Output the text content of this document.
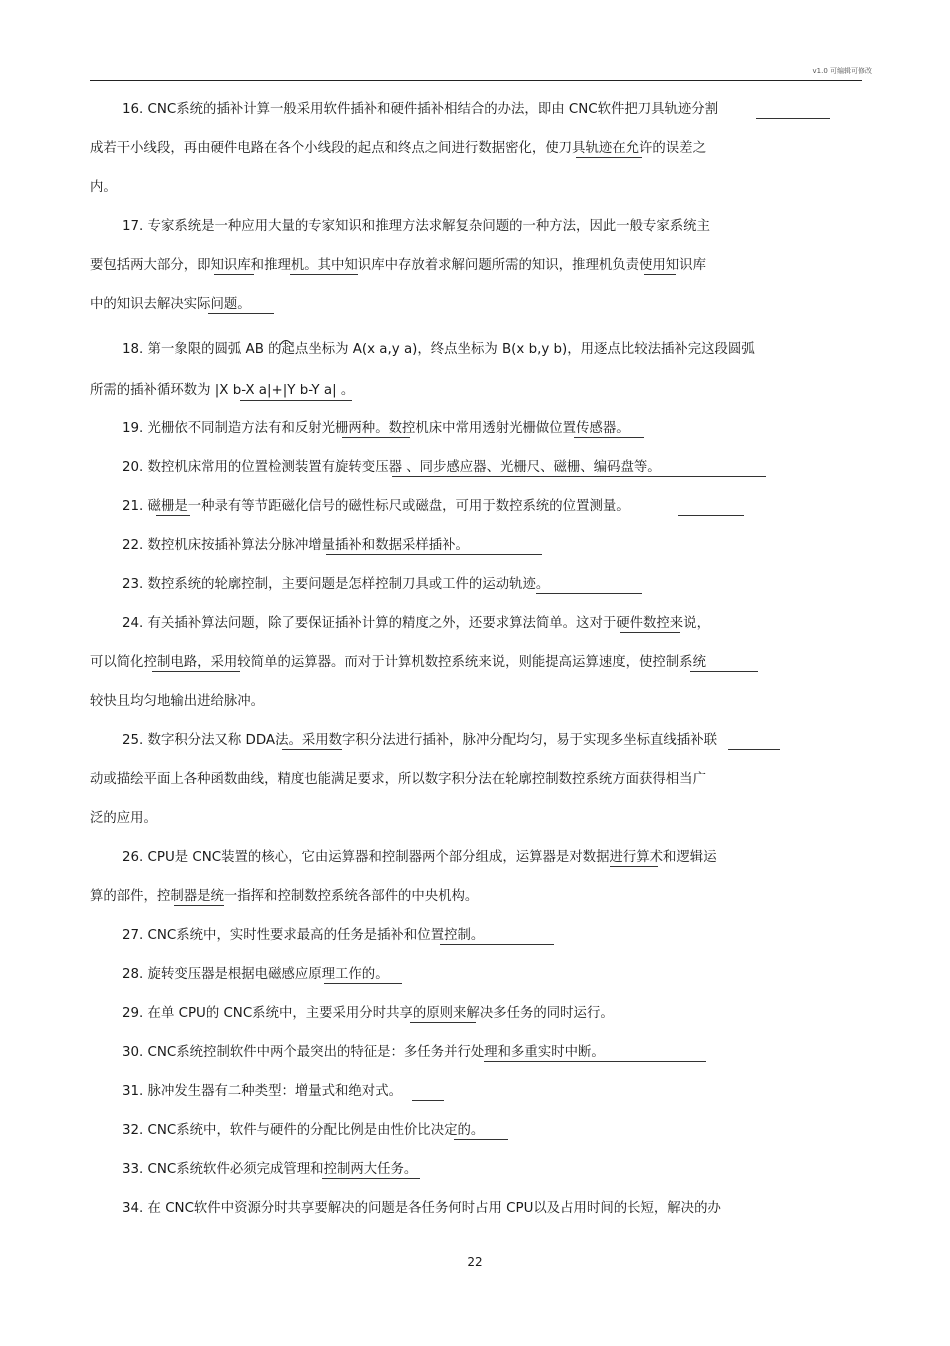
v1.0 可编辑可修改
16. CNC系统的插补计算一般采用软件插补和硬件插补相结合的办法，即由 CNC软件把刀具轨迹分割
成若干小线段，再由硬件电路在各个小线段的起点和终点之间进行数据密化，使刀具轨迹在允许的误差之
内。
17. 专家系统是一种应用大量的专家知识和推理方法求解复杂问题的一种方法，因此一般专家系统主
要包括两大部分，即知识库和推理机。其中知识库中存放着求解问题所需的知识，推理机负责使用知识库
中的知识去解决实际问题。
18. 第一象限的圆弧 AB 的起点坐标为 A(x a,y a)，终点坐标为 B(x b,y b)，用逐点比较法插补完这段圆弧
所需的插补循环数为 |X b-X a|+|Y b-Y a| 。
19. 光栅依不同制造方法有和反射光栅两种。数控机床中常用透射光栅做位置传感器。
20. 数控机床常用的位置检测装置有旋转变压器 、同步感应器、光栅尺、磁栅、编码盘等。
21. 磁栅是一种录有等节距磁化信号的磁性标尺或磁盘，可用于数控系统的位置测量。
22. 数控机床按插补算法分脉冲增量插补和数据采样插补。
23. 数控系统的轮廓控制，主要问题是怎样控制刀具或工件的运动轨迹。
24. 有关插补算法问题，除了要保证插补计算的精度之外，还要求算法简单。这对于硬件数控来说，
可以简化控制电路，采用较简单的运算器。而对于计算机数控系统来说，则能提高运算速度，使控制系统
较快且均匀地输出进给脉冲。
25. 数字积分法又称 DDA法。采用数字积分法进行插补，脉冲分配均匀，易于实现多坐标直线插补联
动或描绘平面上各种函数曲线，精度也能满足要求，所以数字积分法在轮廓控制数控系统方面获得相当广
泛的应用。
26. CPU是 CNC装置的核心，它由运算器和控制器两个部分组成，运算器是对数据进行算术和逻辑运
算的部件，控制器是统一指挥和控制数控系统各部件的中央机构。
27. CNC系统中，实时性要求最高的任务是插补和位置控制。
28. 旋转变压器是根据电磁感应原理工作的。
29. 在单 CPU的 CNC系统中，主要采用分时共享的原则来解决多任务的同时运行。
30. CNC系统控制软件中两个最突出的特征是：多任务并行处理和多重实时中断。
31. 脉冲发生器有二种类型：增量式和绝对式。
32. CNC系统中，软件与硬件的分配比例是由性价比决定的。
33. CNC系统软件必须完成管理和控制两大任务。
34. 在 CNC软件中资源分时共享要解决的问题是各任务何时占用 CPU以及占用时间的长短，解决的办
22
